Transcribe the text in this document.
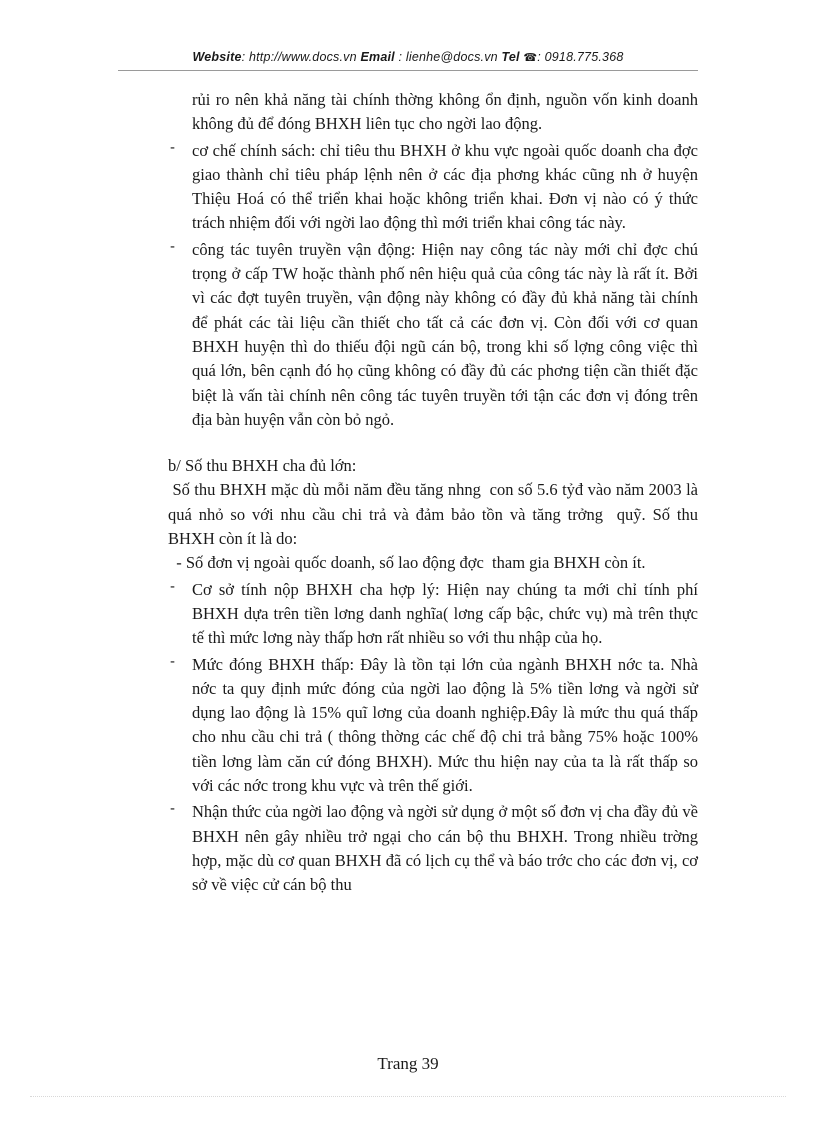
Website: http://www.docs.vn Email : lienhe@docs.vn Tel ☎: 0918.775.368
rủi ro nên khả năng tài chính thờng không ổn định, nguồn vốn kinh doanh không đủ để đóng BHXH liên tục cho ngời lao động.
- cơ chế chính sách: chỉ tiêu thu BHXH ở khu vực ngoài quốc doanh cha đợc giao thành chỉ tiêu pháp lệnh nên ở các địa phơng khác cũng nh ở huyện Thiệu Hoá có thể triển khai hoặc không triển khai. Đơn vị nào có ý thức trách nhiệm đối với ngời lao động thì mới triển khai công tác này.
- công tác tuyên truyền vận động: Hiện nay công tác này mới chỉ đợc chú trọng ở cấp TW hoặc thành phố nên hiệu quả của công tác này là rất ít. Bởi vì các đợt tuyên truyền, vận động này không có đầy đủ khả năng tài chính để phát các tài liệu cần thiết cho tất cả các đơn vị. Còn đối với cơ quan BHXH huyện thì do thiếu đội ngũ cán bộ, trong khi số lợng công việc thì quá lớn, bên cạnh đó họ cũng không có đầy đủ các phơng tiện cần thiết đặc biệt là vấn tài chính nên công tác tuyên truyền tới tận các đơn vị đóng trên địa bàn huyện vẫn còn bỏ ngỏ.
b/ Số thu BHXH cha đủ lớn:
Số thu BHXH mặc dù mỗi năm đều tăng nhng  con số 5.6 tỷđ vào năm 2003 là quá nhỏ so với nhu cầu chi trả và đảm bảo tồn và tăng trởng  quỹ. Số thu BHXH còn ít là do:
- Số đơn vị ngoài quốc doanh, số lao động đợc  tham gia BHXH còn ít.
- Cơ sở tính nộp BHXH cha hợp lý: Hiện nay chúng ta mới chỉ tính phí BHXH dựa trên tiền lơng danh nghĩa( lơng cấp bậc, chức vụ) mà trên thực tế thì mức lơng này thấp hơn rất nhiều so với thu nhập của họ.
- Mức đóng BHXH thấp: Đây là tồn tại lớn của ngành BHXH nớc ta. Nhà nớc ta quy định mức đóng của ngời lao động là 5% tiền lơng và ngời sử dụng lao động là 15% quĩ lơng của doanh nghiệp.Đây là mức thu quá thấp cho nhu cầu chi trả ( thông thờng các chế độ chi trả bằng 75% hoặc 100% tiền lơng làm căn cứ đóng BHXH). Mức thu hiện nay của ta là rất thấp so với các nớc trong khu vực và trên thế giới.
- Nhận thức của ngời lao động và ngời sử dụng ở một số đơn vị cha đầy đủ về BHXH nên gây nhiều trở ngại cho cán bộ thu BHXH. Trong nhiều trờng hợp, mặc dù cơ quan BHXH đã có lịch cụ thể và báo trớc cho các đơn vị, cơ sở về việc cử cán bộ thu
Trang 39
